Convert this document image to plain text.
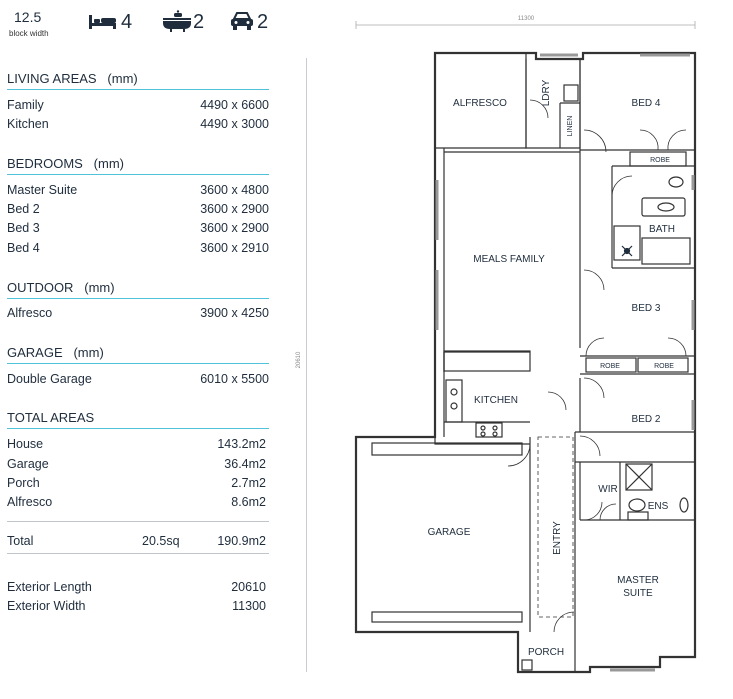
12.5
block width
4	2	2
LIVING AREAS   (mm)
Family	4490 x 6600
Kitchen	4490 x 3000
BEDROOMS   (mm)
Master Suite	3600 x 4800
Bed 2	3600 x 2900
Bed 3	3600 x 2900
Bed 4	3600 x 2910
OUTDOOR   (mm)
Alfresco	3900 x 4250
GARAGE   (mm)
Double Garage	6010 x 5500
TOTAL AREAS
House	143.2m2
Garage	36.4m2
Porch	2.7m2
Alfresco	8.6m2
Total	20.5sq	190.9m2
Exterior Length	20610
Exterior Width	11300
11300
20610
ALFRESCO	LDRY
LINEN
BED 4
ROBE
BATH
MEALS FAMILY
BED 3
ROBE	ROBE
KITCHEN
BED 2
GARAGE	ENTRY
WIR
ENS
MASTER
SUITE
PORCH
